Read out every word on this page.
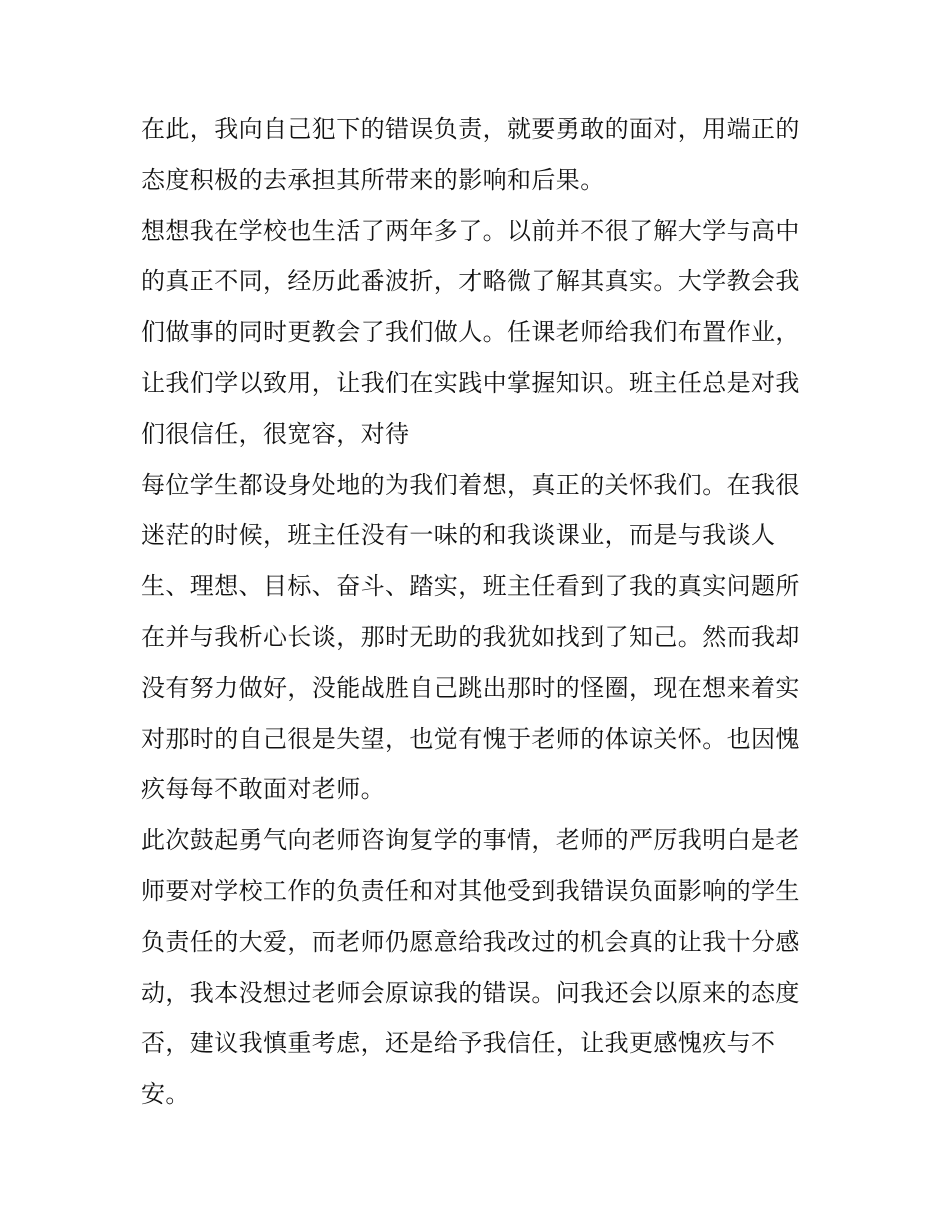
在此，我向自己犯下的错误负责，就要勇敢的面对，用端正的
态度积极的去承担其所带来的影响和后果。
想想我在学校也生活了两年多了。以前并不很了解大学与高中
的真正不同，经历此番波折，才略微了解其真实。大学教会我
们做事的同时更教会了我们做人。任课老师给我们布置作业，
让我们学以致用，让我们在实践中掌握知识。班主任总是对我
们很信任，很宽容，对待
每位学生都设身处地的为我们着想，真正的关怀我们。在我很
迷茫的时候，班主任没有一味的和我谈课业，而是与我谈人
生、理想、目标、奋斗、踏实，班主任看到了我的真实问题所
在并与我析心长谈，那时无助的我犹如找到了知己。然而我却
没有努力做好，没能战胜自己跳出那时的怪圈，现在想来着实
对那时的自己很是失望，也觉有愧于老师的体谅关怀。也因愧
疚每每不敢面对老师。
此次鼓起勇气向老师咨询复学的事情，老师的严厉我明白是老
师要对学校工作的负责任和对其他受到我错误负面影响的学生
负责任的大爱，而老师仍愿意给我改过的机会真的让我十分感
动，我本没想过老师会原谅我的错误。问我还会以原来的态度
否，建议我慎重考虑，还是给予我信任，让我更感愧疚与不
安。
